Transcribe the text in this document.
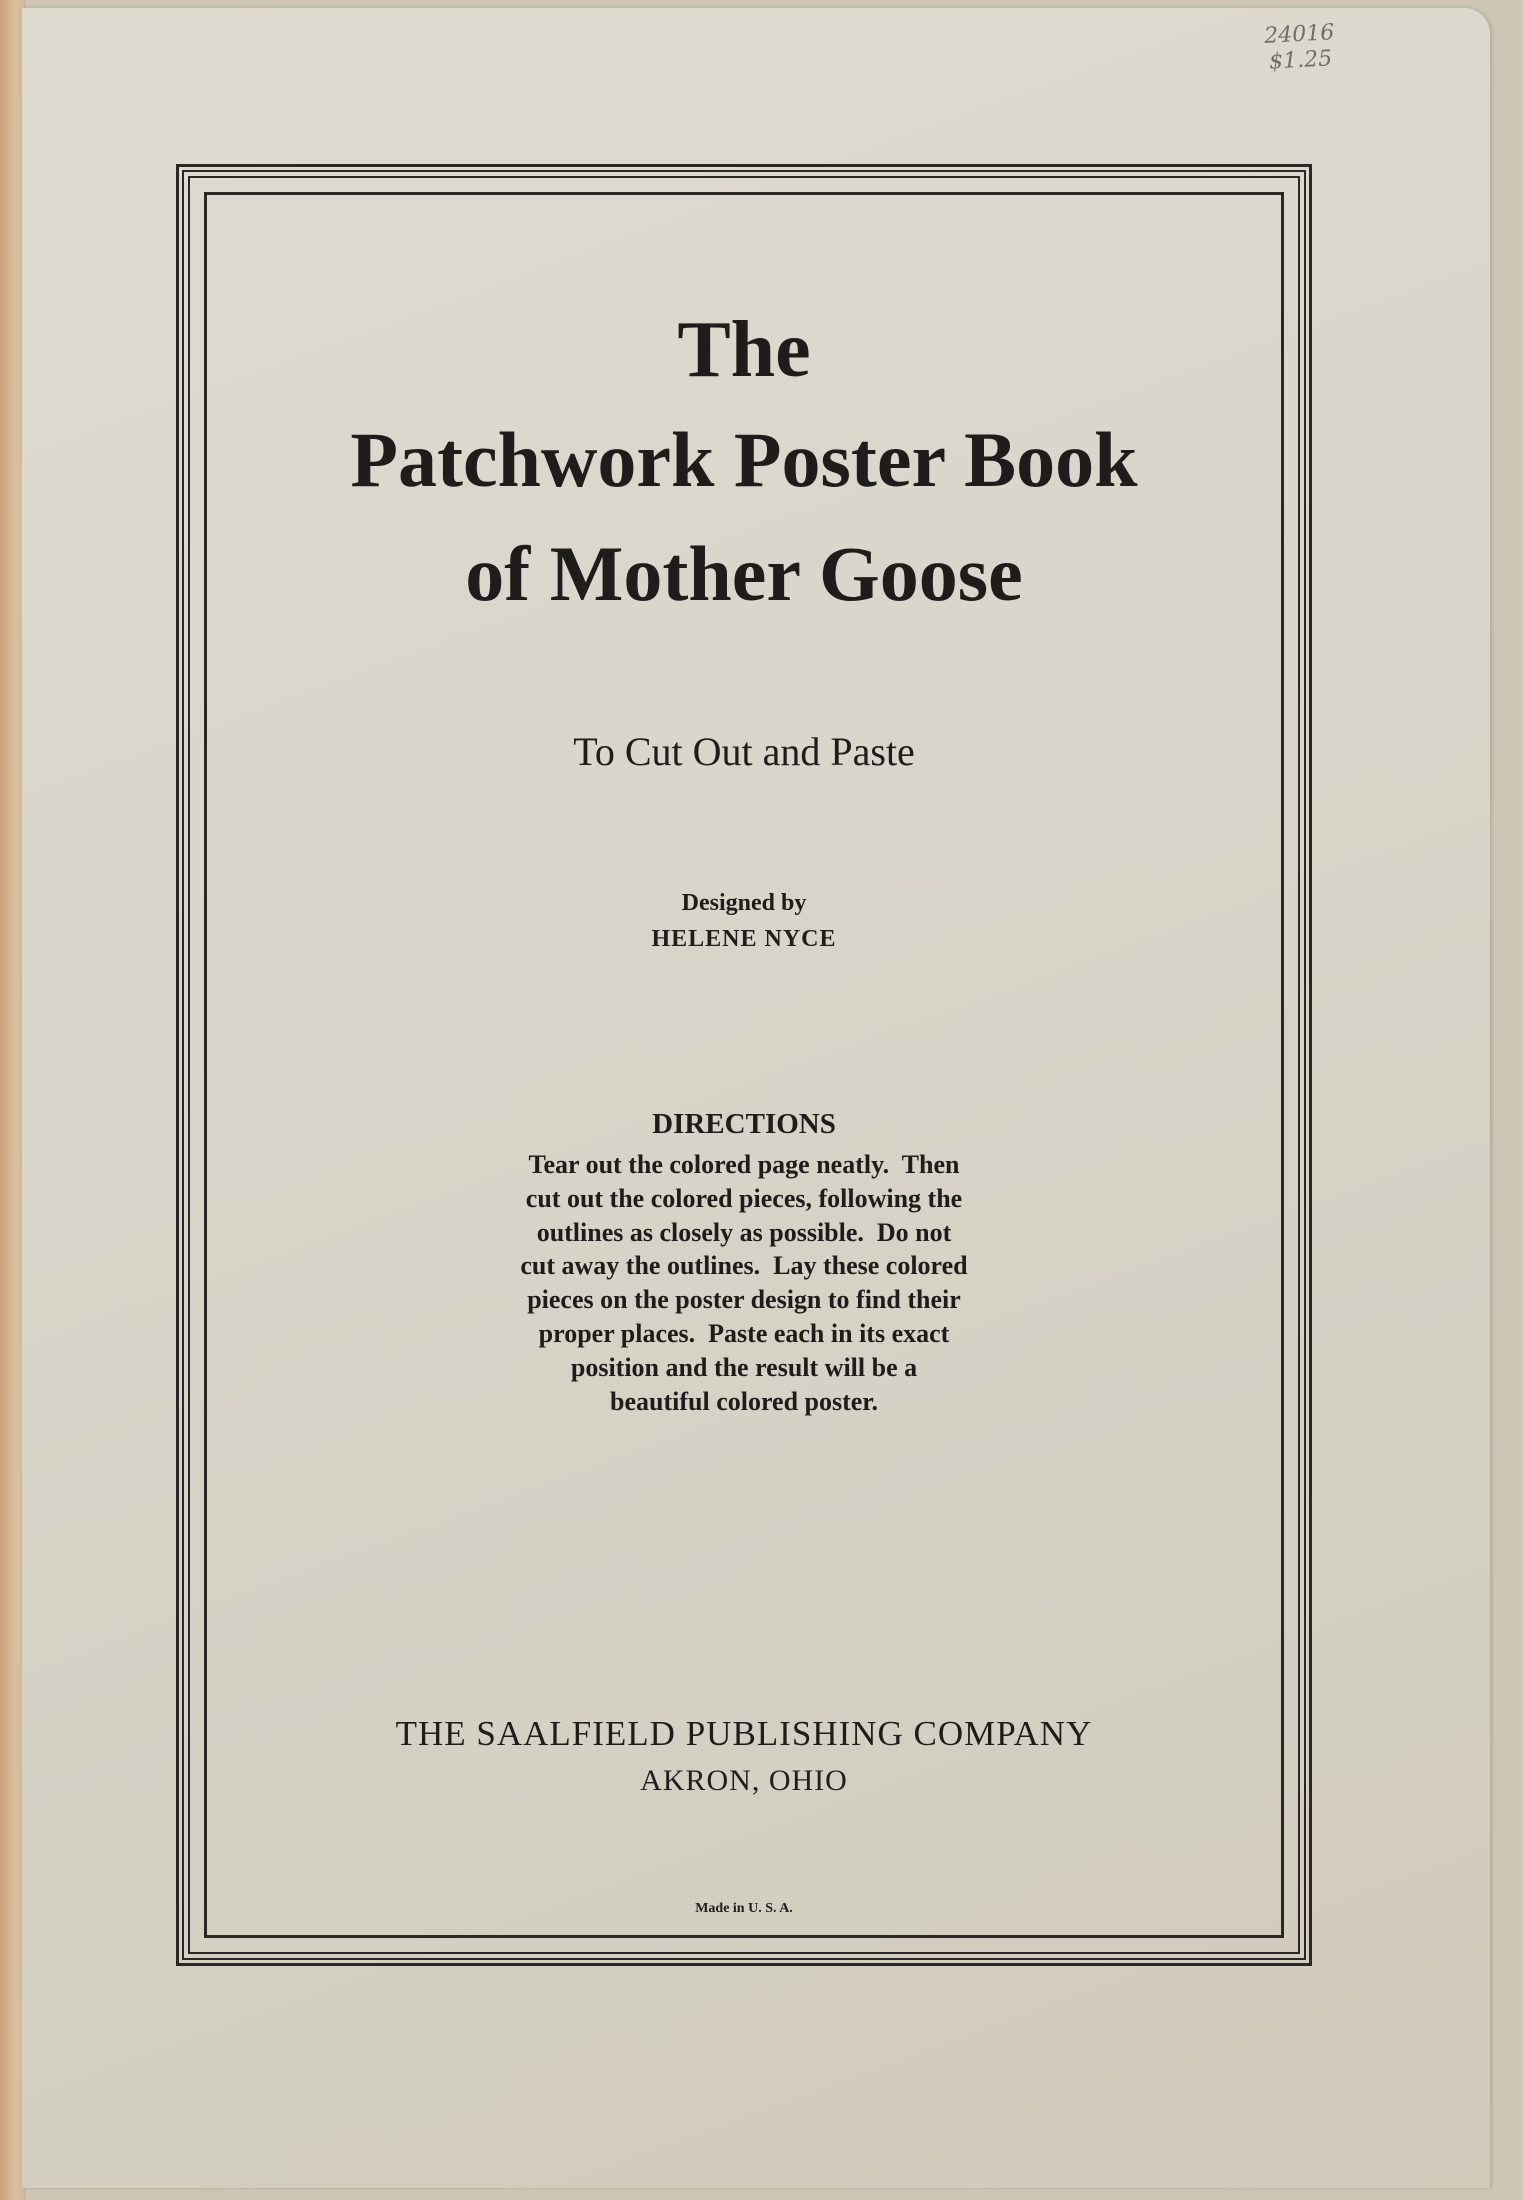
24016
$1.25
The
Patchwork Poster Book
of Mother Goose

To Cut Out and Paste

Designed by

HELENE NYCE

DIRECTIONS

Tear out the colored page neatly.  Then
cut out the colored pieces, following the
outlines as closely as possible.  Do not
cut away the outlines.  Lay these colored
pieces on the poster design to find their
proper places.  Paste each in its exact
position and the result will be a
beautiful colored poster.

THE SAALFIELD PUBLISHING COMPANY

AKRON, OHIO

Made in U. S. A.
